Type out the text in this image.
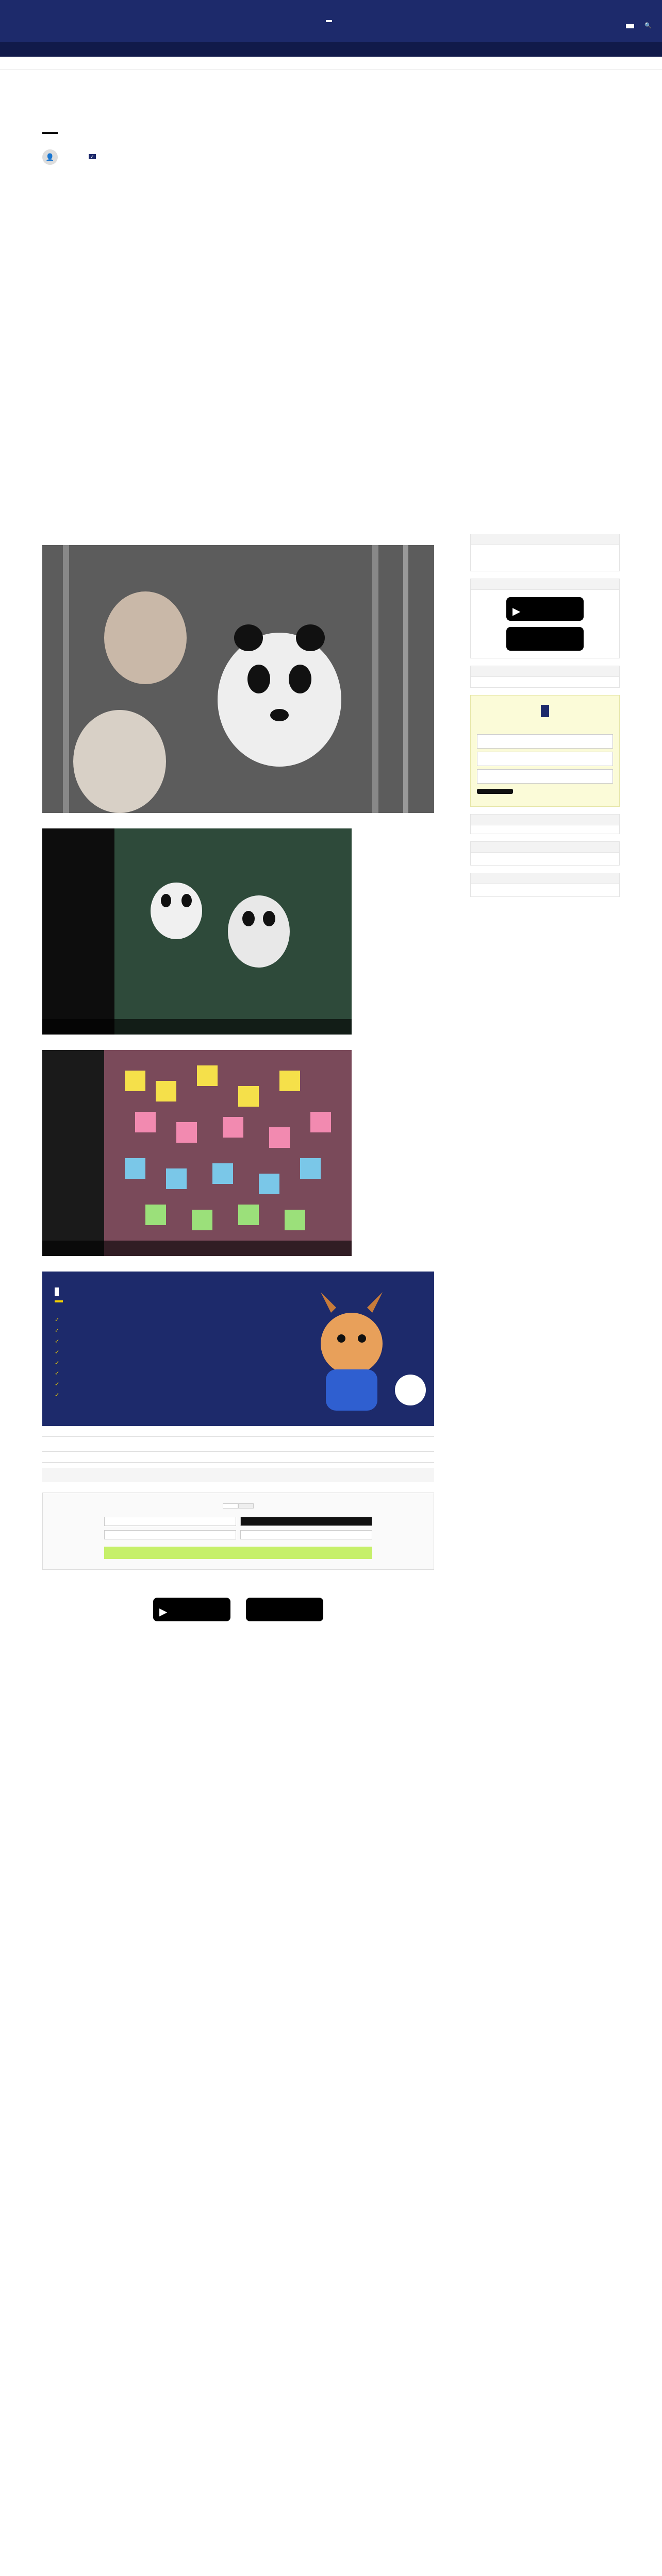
🔍
👤	✓

✓
✓
✓
✓
✓
✓
✓
✓
▶
▶
